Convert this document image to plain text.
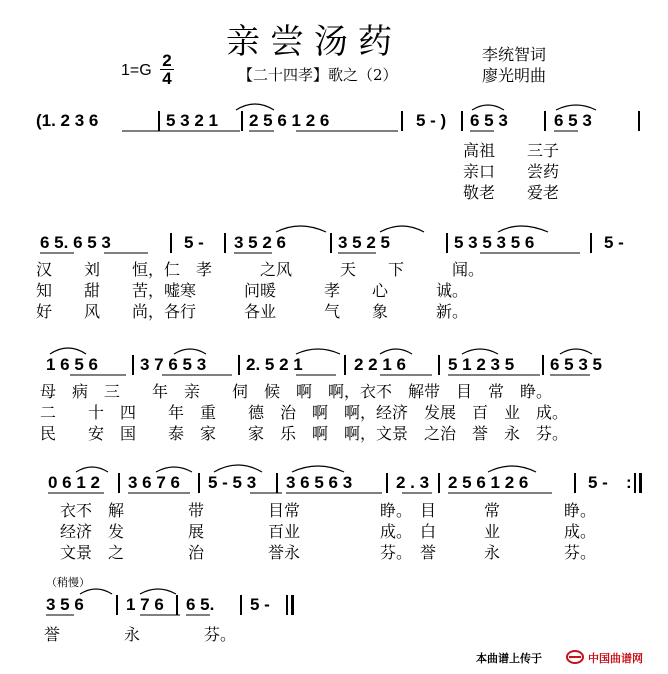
亲尝汤药
1=G
2
4	【二十四孝】歌之（2）
李统智词
廖光明曲
(1. 2 3 6	5 3 2 1 2 5 6 1 2 6	5 - ) 6 5 3	6 5 3
高祖　　三子
亲口　　尝药
敬老　　爱老
6 5. 6 5 3	5 - 3 5 2 6	3 5 2 5	5 3 5 3 5 6	5 -
汉　　刘　　恒，仁　孝　　　之风　　　天　　下　　　闻。
知　　甜　　苦，嘘寒　　　问暖　　　孝　　心　　　诚。
好　　风　　尚，各行　　　各业　　　气　　象　　　新。
1 6 5 6 3 7 6 5 3 2. 5 2 1	2 2 1 6 5 1 2 3 5 6 5 3 5
母　病　三　　年　亲　　伺　候　啊　啊，衣不　解带　目　常　睁。
二　　十　四　　年　重　　德　治　啊　啊，经济　发展　百　业　成。
民　　安　国　　泰　家　　家　乐　啊　啊，文景　之治　誉　永　芬。
0 6 1 2 3 6 7 6 5 - 5 3 3 6 5 6 3	2 . 3 2 5 6 1 2 6	5 - :
衣不　解　　　　带　　　　目常　　　　　睁。　目　　　常　　　　睁。
经济　发　　　　展　　　　百业　　　　　成。　白　　　业　　　　成。
文景　之　　　　治　　　　誉永　　　　　芬。　誉　　　永　　　　芬。
（稍慢）
3 5 6 1 7 6 6 5. 5 -
誉　　　　永　　　　芬。
本曲谱上传于	中国曲谱网
